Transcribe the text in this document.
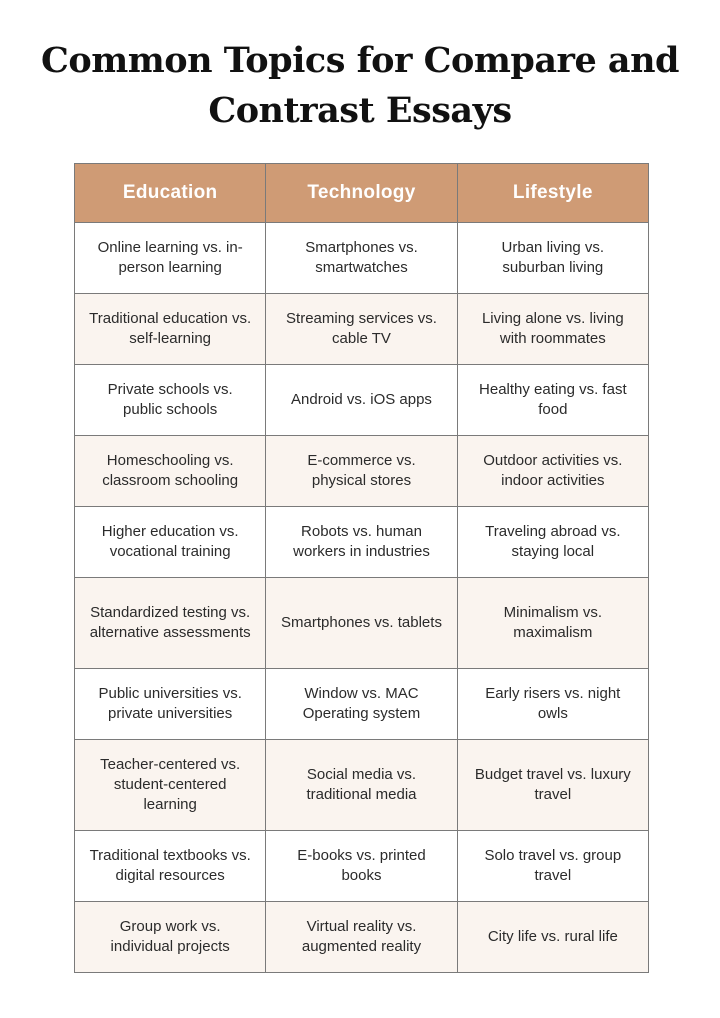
Common Topics for Compare and
Contrast Essays
Education	Technology	Lifestyle
Online learning vs. in-person learning	Smartphones vs. smartwatches	Urban living vs. suburban living
Traditional education vs. self-learning	Streaming services vs. cable TV	Living alone vs. living with roommates
Private schools vs. public schools	Android vs. iOS apps	Healthy eating vs. fast food
Homeschooling vs. classroom schooling	E-commerce vs. physical stores	Outdoor activities vs. indoor activities
Higher education vs. vocational training	Robots vs. human workers in industries	Traveling abroad vs. staying local
Standardized testing vs. alternative assessments	Smartphones vs. tablets	Minimalism vs. maximalism
Public universities vs. private universities	Window vs. MAC Operating system	Early risers vs. night owls
Teacher-centered vs. student-centered learning	Social media vs. traditional media	Budget travel vs. luxury travel
Traditional textbooks vs. digital resources	E-books vs. printed books	Solo travel vs. group travel
Group work vs. individual projects	Virtual reality vs. augmented reality	City life vs. rural life
